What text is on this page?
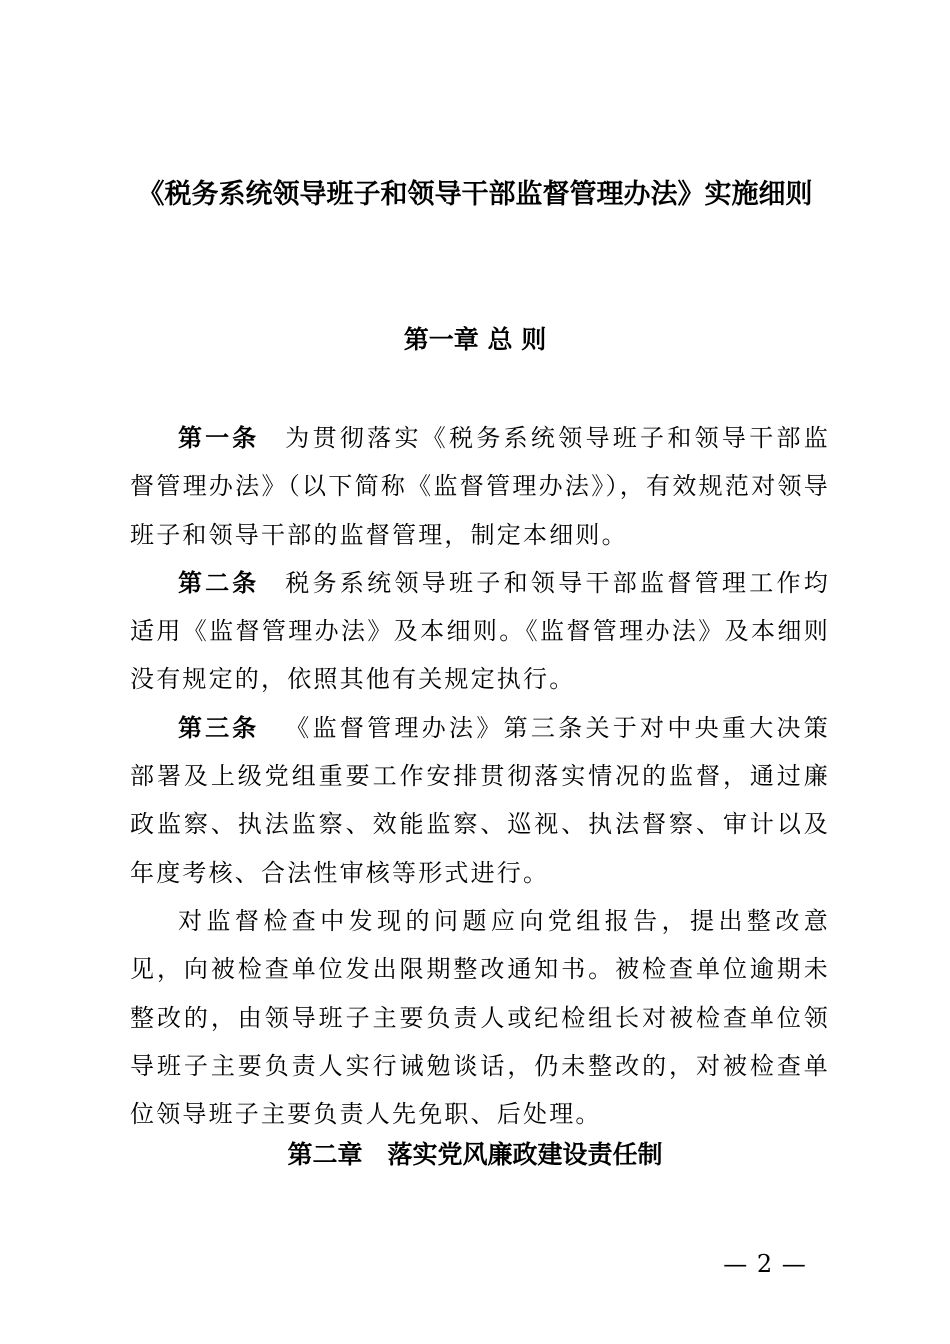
《税务系统领导班子和领导干部监督管理办法》实施细则
第一章 总 则

第一条 为贯彻落实《税务系统领导班子和领导干部监督管理办法》（以下简称《监督管理办法》），有效规范对领导班子和领导干部的监督管理，制定本细则。

第二条 税务系统领导班子和领导干部监督管理工作均适用《监督管理办法》及本细则。《监督管理办法》及本细则没有规定的，依照其他有关规定执行。

第三条 《监督管理办法》第三条关于对中央重大决策部署及上级党组重要工作安排贯彻落实情况的监督，通过廉政监察、执法监察、效能监察、巡视、执法督察、审计以及年度考核、合法性审核等形式进行。

对监督检查中发现的问题应向党组报告，提出整改意见，向被检查单位发出限期整改通知书。被检查单位逾期未整改的，由领导班子主要负责人或纪检组长对被检查单位领导班子主要负责人实行诫勉谈话，仍未整改的，对被检查单位领导班子主要负责人先免职、后处理。

第二章　落实党风廉政建设责任制
— 2 —
